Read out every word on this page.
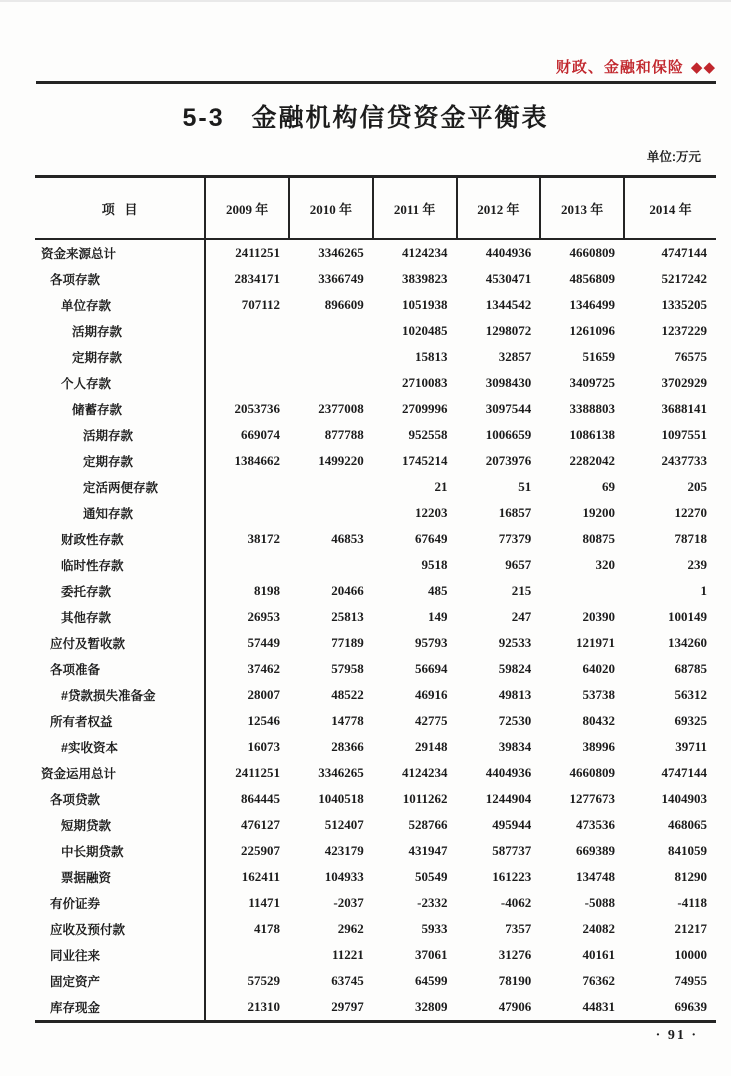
财政、金融和保险 ◆◆
5-3   金融机构信贷资金平衡表
单位:万元
项   目	2009 年	2010 年	2011 年	2012 年	2013 年	2014 年
资金来源总计	2411251	3346265	4124234	4404936	4660809	4747144
各项存款	2834171	3366749	3839823	4530471	4856809	5217242
单位存款	707112	896609	1051938	1344542	1346499	1335205
活期存款			1020485	1298072	1261096	1237229
定期存款			15813	32857	51659	76575
个人存款			2710083	3098430	3409725	3702929
储蓄存款	2053736	2377008	2709996	3097544	3388803	3688141
活期存款	669074	877788	952558	1006659	1086138	1097551
定期存款	1384662	1499220	1745214	2073976	2282042	2437733
定活两便存款			21	51	69	205
通知存款			12203	16857	19200	12270
财政性存款	38172	46853	67649	77379	80875	78718
临时性存款			9518	9657	320	239
委托存款	8198	20466	485	215		1
其他存款	26953	25813	149	247	20390	100149
应付及暂收款	57449	77189	95793	92533	121971	134260
各项准备	37462	57958	56694	59824	64020	68785
#贷款损失准备金	28007	48522	46916	49813	53738	56312
所有者权益	12546	14778	42775	72530	80432	69325
#实收资本	16073	28366	29148	39834	38996	39711
资金运用总计	2411251	3346265	4124234	4404936	4660809	4747144
各项贷款	864445	1040518	1011262	1244904	1277673	1404903
短期贷款	476127	512407	528766	495944	473536	468065
中长期贷款	225907	423179	431947	587737	669389	841059
票据融资	162411	104933	50549	161223	134748	81290
有价证券	11471	-2037	-2332	-4062	-5088	-4118
应收及预付款	4178	2962	5933	7357	24082	21217
同业往来		11221	37061	31276	40161	10000
固定资产	57529	63745	64599	78190	76362	74955
库存现金	21310	29797	32809	47906	44831	69639
· 91 ·
